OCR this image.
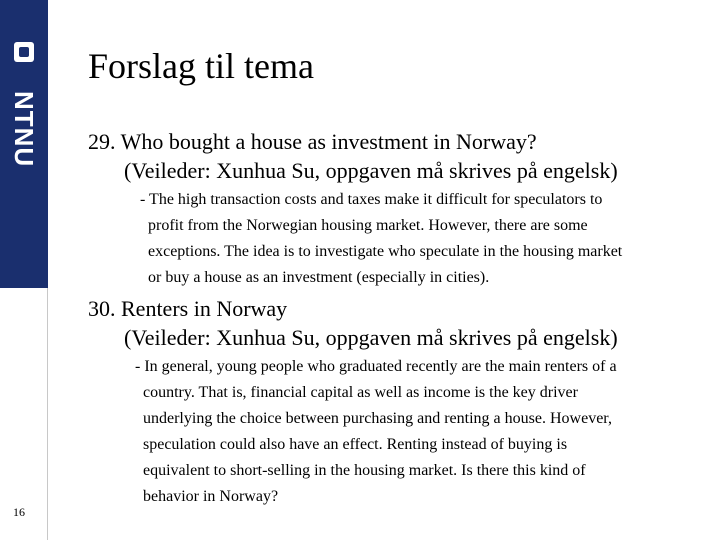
NTNU
16
Forslag til tema
29. Who bought a house as investment in Norway?
(Veileder: Xunhua Su, oppgaven må skrives på engelsk)
- The high transaction costs and taxes make it difficult for speculators to
profit from the Norwegian housing market. However, there are some
exceptions. The idea is to investigate who speculate in the housing market
or buy a house as an investment (especially in cities).
30. Renters in Norway
(Veileder: Xunhua Su, oppgaven må skrives på engelsk)
- In general, young people who graduated recently are the main renters of a
country. That is, financial capital as well as income is the key driver
underlying the choice between purchasing and renting a house. However,
speculation could also have an effect. Renting instead of buying is
equivalent to short-selling in the housing market. Is there this kind of
behavior in Norway?
